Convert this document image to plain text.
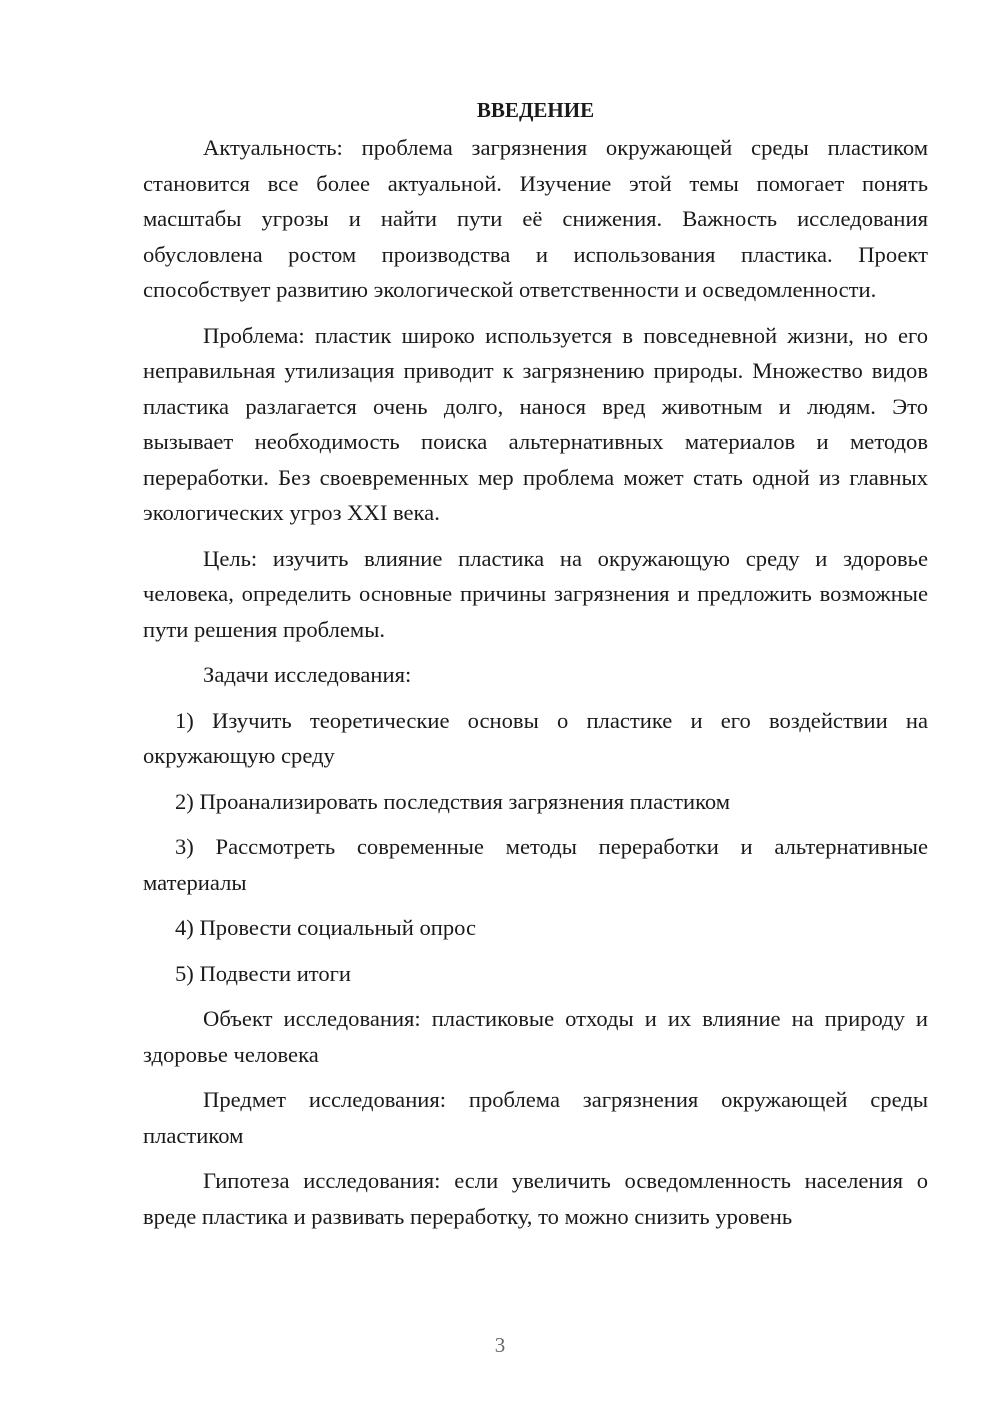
ВВЕДЕНИЕ

Актуальность: проблема загрязнения окружающей среды пластиком становится все более актуальной. Изучение этой темы помогает понять масштабы угрозы и найти пути её снижения. Важность исследования обусловлена ростом производства и использования пластика. Проект способствует развитию экологической ответственности и осведомленности.

Проблема: пластик широко используется в повседневной жизни, но его неправильная утилизация приводит к загрязнению природы. Множество видов пластика разлагается очень долго, нанося вред животным и людям. Это вызывает необходимость поиска альтернативных материалов и методов переработки. Без своевременных мер проблема может стать одной из главных экологических угроз XXI века.

Цель: изучить влияние пластика на окружающую среду и здоровье человека, определить основные причины загрязнения и предложить возможные пути решения проблемы.

Задачи исследования:

1) Изучить теоретические основы о пластике и его воздействии на окружающую среду

2) Проанализировать последствия загрязнения пластиком

3) Рассмотреть современные методы переработки и альтернативные материалы

4) Провести социальный опрос

5) Подвести итоги

Объект исследования: пластиковые отходы и их влияние на природу и здоровье человека

Предмет исследования: проблема загрязнения окружающей среды пластиком

Гипотеза исследования: если увеличить осведомленность населения о вреде пластика и развивать переработку, то можно снизить уровень

3
